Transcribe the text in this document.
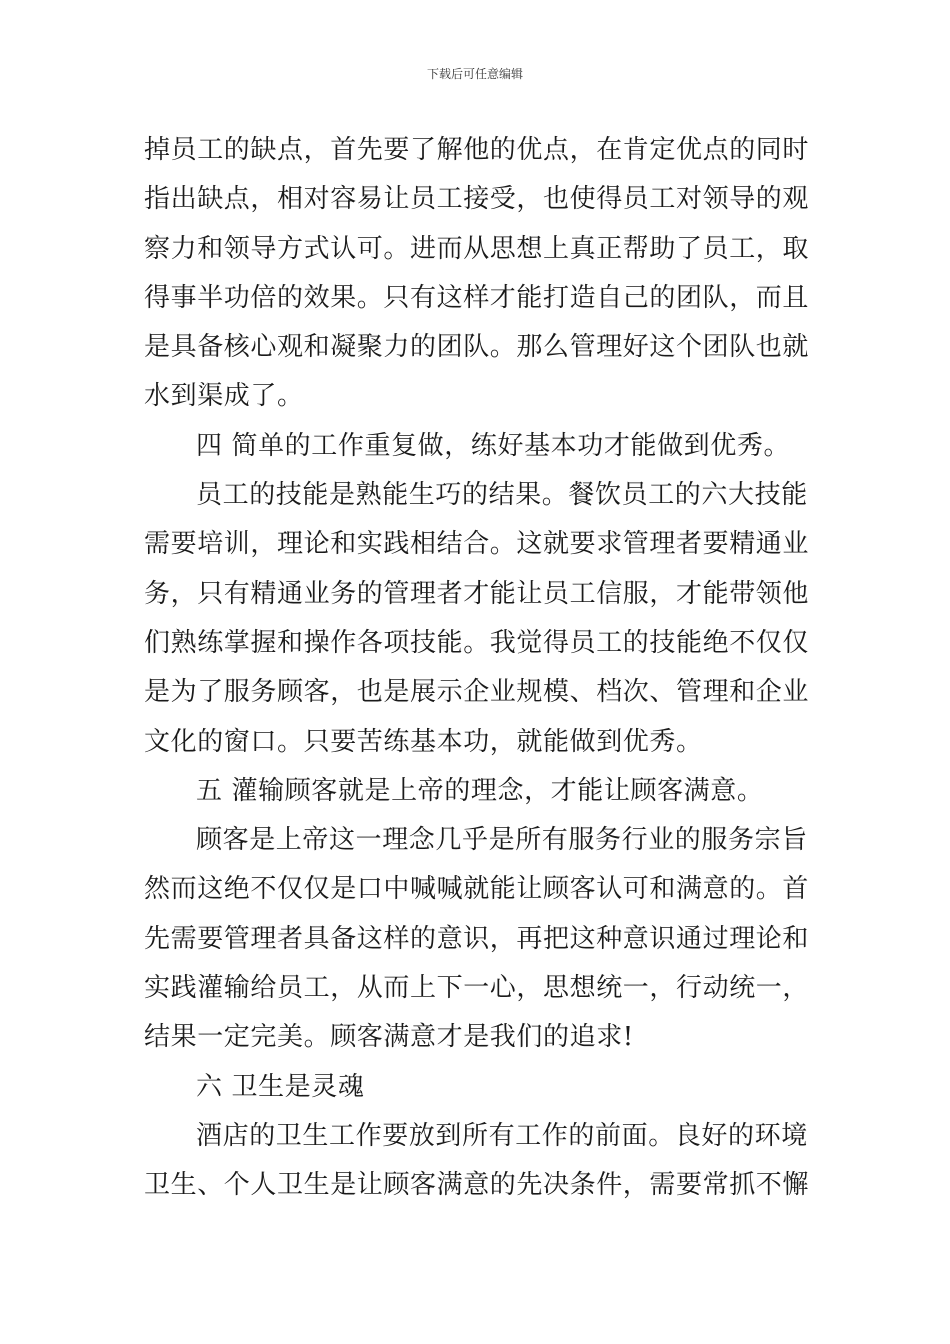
下载后可任意编辑
掉员工的缺点，首先要了解他的优点，在肯定优点的同时
指出缺点，相对容易让员工接受，也使得员工对领导的观
察力和领导方式认可。进而从思想上真正帮助了员工，取
得事半功倍的效果。只有这样才能打造自己的团队，而且
是具备核心观和凝聚力的团队。那么管理好这个团队也就
水到渠成了。
四 简单的工作重复做，练好基本功才能做到优秀。
员工的技能是熟能生巧的结果。餐饮员工的六大技能
需要培训，理论和实践相结合。这就要求管理者要精通业
务，只有精通业务的管理者才能让员工信服，才能带领他
们熟练掌握和操作各项技能。我觉得员工的技能绝不仅仅
是为了服务顾客，也是展示企业规模、档次、管理和企业
文化的窗口。只要苦练基本功，就能做到优秀。
五 灌输顾客就是上帝的理念，才能让顾客满意。
顾客是上帝这一理念几乎是所有服务行业的服务宗旨
然而这绝不仅仅是口中喊喊就能让顾客认可和满意的。首
先需要管理者具备这样的意识，再把这种意识通过理论和
实践灌输给员工，从而上下一心，思想统一，行动统一，
结果一定完美。顾客满意才是我们的追求!
六 卫生是灵魂
酒店的卫生工作要放到所有工作的前面。良好的环境
卫生、个人卫生是让顾客满意的先决条件，需要常抓不懈
